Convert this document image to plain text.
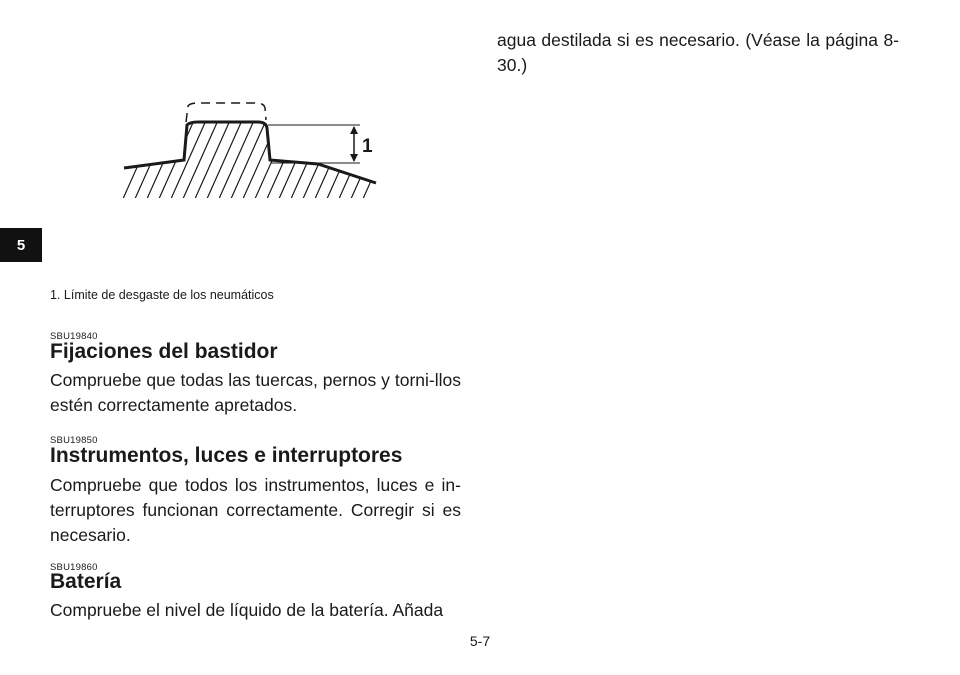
5

agua destilada si es necesario. (Véase la página 8-30.)

1
1. Límite de desgaste de los neumáticos
SBU19840
Fijaciones del bastidor

Compruebe que todas las tuercas, pernos y torni-llos estén correctamente apretados.

SBU19850
Instrumentos, luces e interruptores

Compruebe que todos los instrumentos, luces e in-terruptores funcionan correctamente. Corregir si es necesario.

SBU19860
Batería

Compruebe el nivel de líquido de la batería. Añada

5-7
